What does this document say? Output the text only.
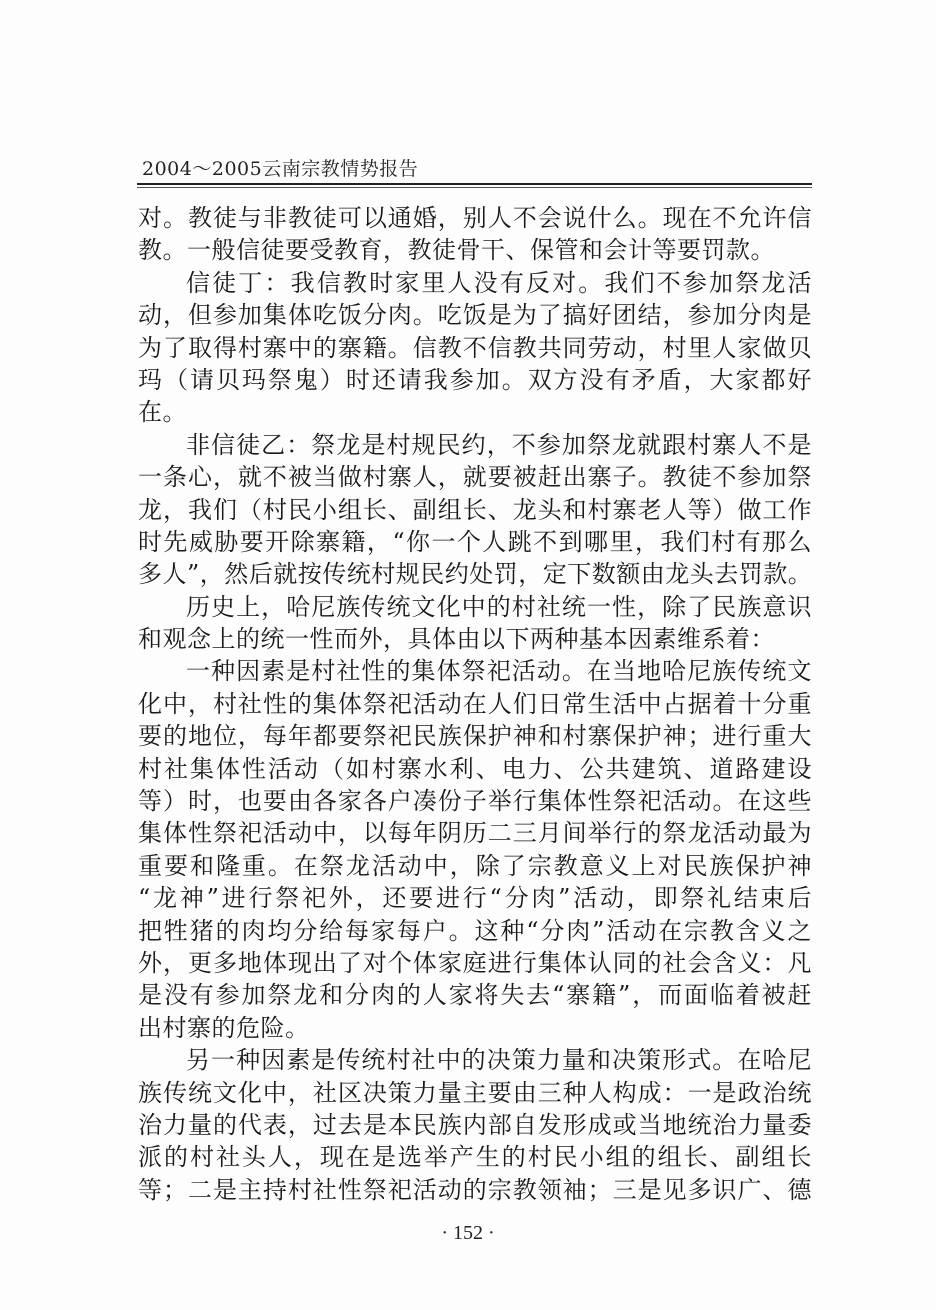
2004～2005云南宗教情势报告
对。教徒与非教徒可以通婚，别人不会说什么。现在不允许信
教。一般信徒要受教育，教徒骨干、保管和会计等要罚款。
信徒丁：我信教时家里人没有反对。我们不参加祭龙活
动，但参加集体吃饭分肉。吃饭是为了搞好团结，参加分肉是
为了取得村寨中的寨籍。信教不信教共同劳动，村里人家做贝
玛（请贝玛祭鬼）时还请我参加。双方没有矛盾，大家都好
在。
非信徒乙：祭龙是村规民约，不参加祭龙就跟村寨人不是
一条心，就不被当做村寨人，就要被赶出寨子。教徒不参加祭
龙，我们（村民小组长、副组长、龙头和村寨老人等）做工作
时先威胁要开除寨籍，“你一个人跳不到哪里，我们村有那么
多人”，然后就按传统村规民约处罚，定下数额由龙头去罚款。
历史上，哈尼族传统文化中的村社统一性，除了民族意识
和观念上的统一性而外，具体由以下两种基本因素维系着：
一种因素是村社性的集体祭祀活动。在当地哈尼族传统文
化中，村社性的集体祭祀活动在人们日常生活中占据着十分重
要的地位，每年都要祭祀民族保护神和村寨保护神；进行重大
村社集体性活动（如村寨水利、电力、公共建筑、道路建设
等）时，也要由各家各户凑份子举行集体性祭祀活动。在这些
集体性祭祀活动中，以每年阴历二三月间举行的祭龙活动最为
重要和隆重。在祭龙活动中，除了宗教意义上对民族保护神
“龙神”进行祭祀外，还要进行“分肉”活动，即祭礼结束后
把牲猪的肉均分给每家每户。这种“分肉”活动在宗教含义之
外，更多地体现出了对个体家庭进行集体认同的社会含义：凡
是没有参加祭龙和分肉的人家将失去“寨籍”，而面临着被赶
出村寨的危险。
另一种因素是传统村社中的决策力量和决策形式。在哈尼
族传统文化中，社区决策力量主要由三种人构成：一是政治统
治力量的代表，过去是本民族内部自发形成或当地统治力量委
派的村社头人，现在是选举产生的村民小组的组长、副组长
等；二是主持村社性祭祀活动的宗教领袖；三是见多识广、德
· 152 ·
